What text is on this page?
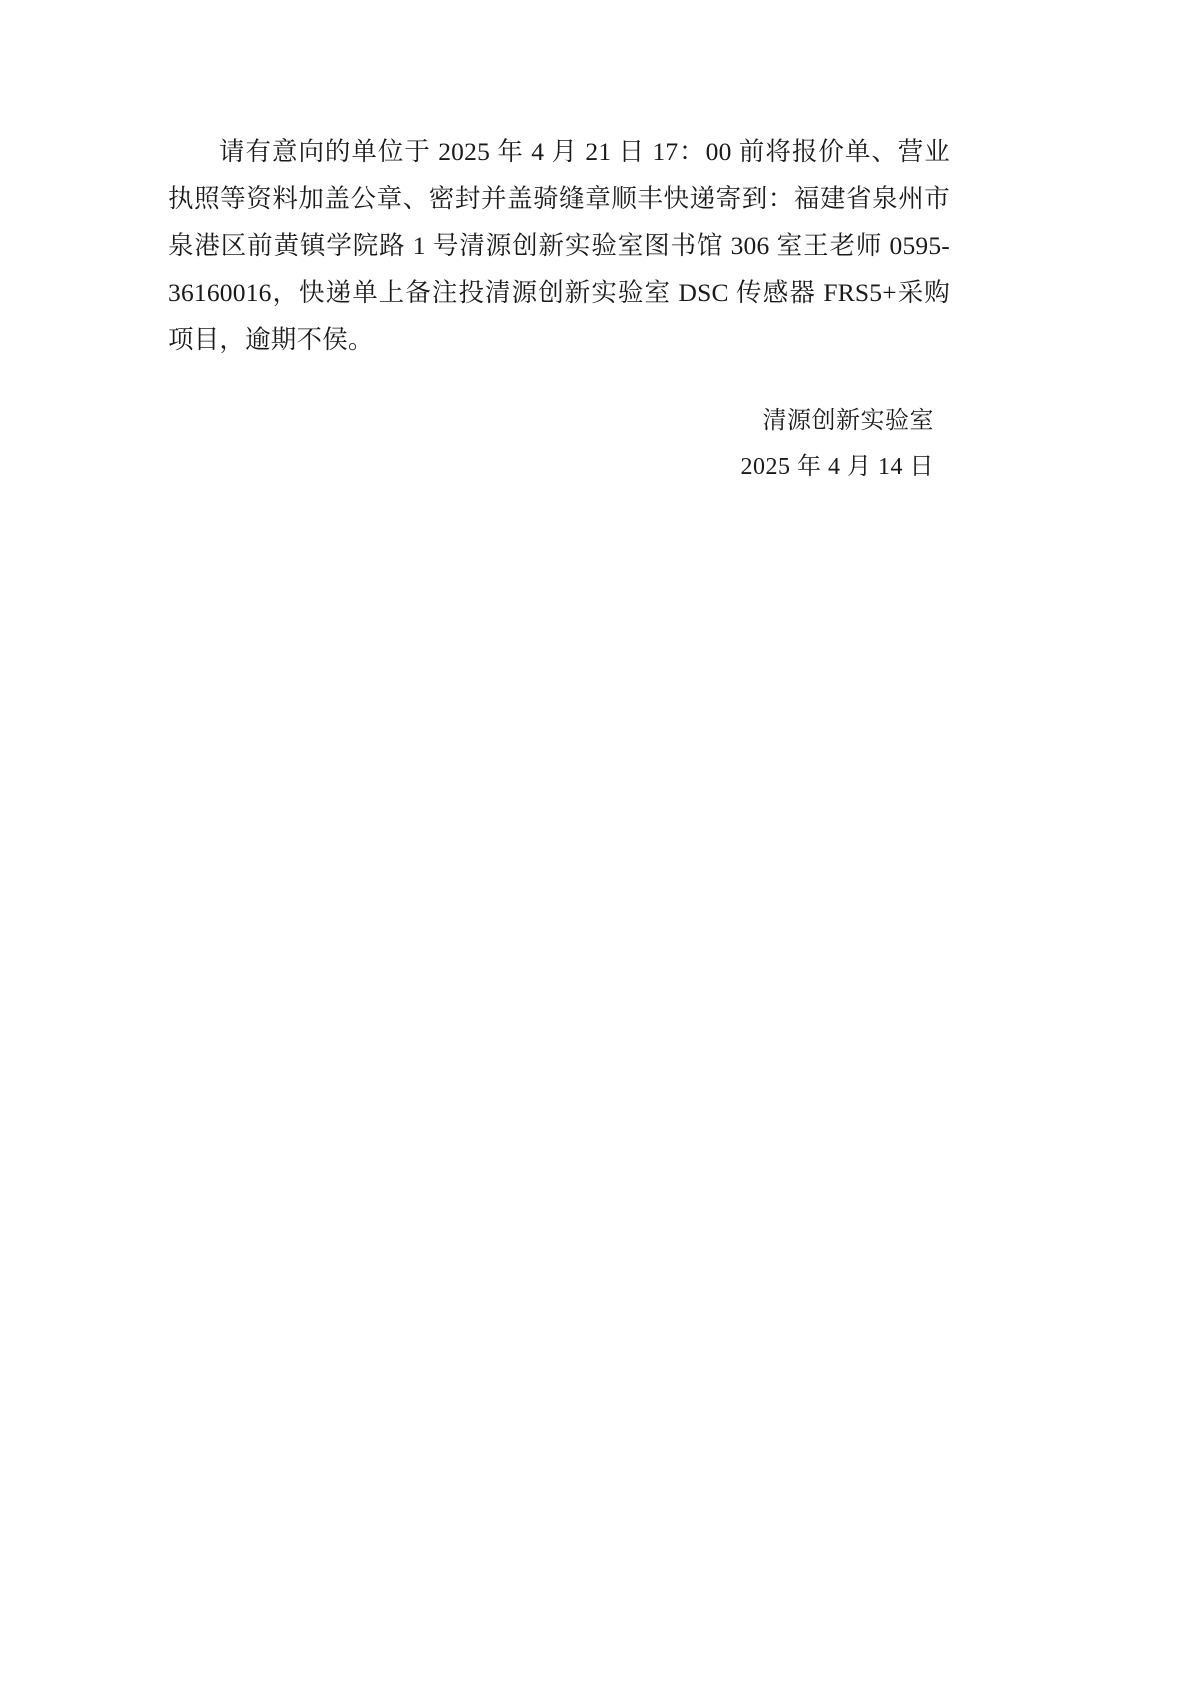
请有意向的单位于 2025 年 4 月 21 日 17：00 前将报价单、营业执照等资料加盖公章、密封并盖骑缝章顺丰快递寄到：福建省泉州市泉港区前黄镇学院路 1 号清源创新实验室图书馆 306 室王老师 0595-36160016，快递单上备注投清源创新实验室 DSC 传感器 FRS5+采购项目，逾期不侯。

清源创新实验室

2025 年 4 月 14 日
